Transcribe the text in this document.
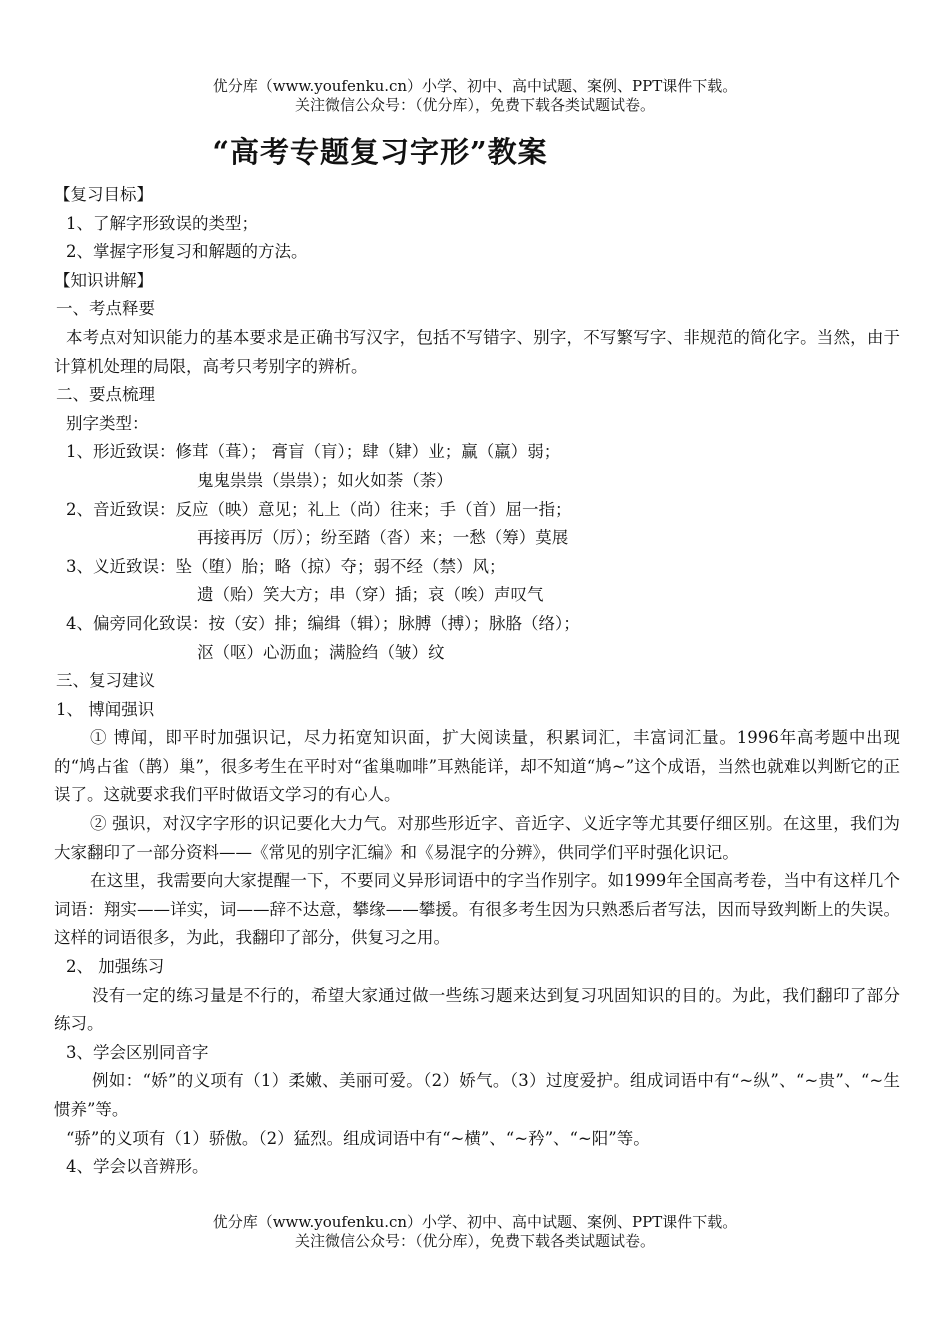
优分库（www.youfenku.cn）小学、初中、高中试题、案例、PPT课件下载。
关注微信公众号：（优分库），免费下载各类试题试卷。
“高考专题复习字形”教案
【复习目标】
1、了解字形致误的类型；
2、掌握字形复习和解题的方法。
【知识讲解】
一、考点释要
本考点对知识能力的基本要求是正确书写汉字，包括不写错字、别字，不写繁写字、非规范的简化字。当然，由于计算机处理的局限，高考只考别字的辨析。
二、要点梳理
别字类型：
1、形近致误：修茸（葺）； 膏盲（肓）；肆（肄）业；赢（羸）弱；
鬼鬼祟祟（祟祟）；如火如荼（荼）
2、音近致误：反应（映）意见；礼上（尚）往来；手（首）屈一指；
再接再厉（厉）；纷至踏（沓）来；一愁（筹）莫展
3、义近致误：坠（堕）胎；略（掠）夺；弱不经（禁）风；
遗（贻）笑大方；串（穿）插；哀（唉）声叹气
4、偏旁同化致误：按（安）排；编缉（辑）；脉膊（搏）；脉胳（络）；
沤（呕）心沥血；满脸绉（皱）纹
三、复习建议
1、 博闻强识
① 博闻，即平时加强识记，尽力拓宽知识面，扩大阅读量，积累词汇，丰富词汇量。1996年高考题中出现的“鸠占雀（鹊）巢”，很多考生在平时对“雀巢咖啡”耳熟能详，却不知道“鸠~”这个成语，当然也就难以判断它的正误了。这就要求我们平时做语文学习的有心人。
② 强识，对汉字字形的识记要化大力气。对那些形近字、音近字、义近字等尤其要仔细区别。在这里，我们为大家翻印了一部分资料——《常见的别字汇编》和《易混字的分辨》，供同学们平时强化识记。
在这里，我需要向大家提醒一下，不要同义异形词语中的字当作别字。如1999年全国高考卷，当中有这样几个词语：翔实——详实，词——辞不达意，攀缘——攀援。有很多考生因为只熟悉后者写法，因而导致判断上的失误。这样的词语很多，为此，我翻印了部分，供复习之用。
2、 加强练习
没有一定的练习量是不行的，希望大家通过做一些练习题来达到复习巩固知识的目的。为此，我们翻印了部分练习。
3、学会区别同音字
例如：“娇”的义项有（1）柔嫩、美丽可爱。（2）娇气。（3）过度爱护。组成词语中有“~纵”、“~贵”、“~生惯养”等。
“骄”的义项有（1）骄傲。（2）猛烈。组成词语中有“~横”、“~矜”、“~阳”等。
4、学会以音辨形。
优分库（www.youfenku.cn）小学、初中、高中试题、案例、PPT课件下载。
关注微信公众号：（优分库），免费下载各类试题试卷。
